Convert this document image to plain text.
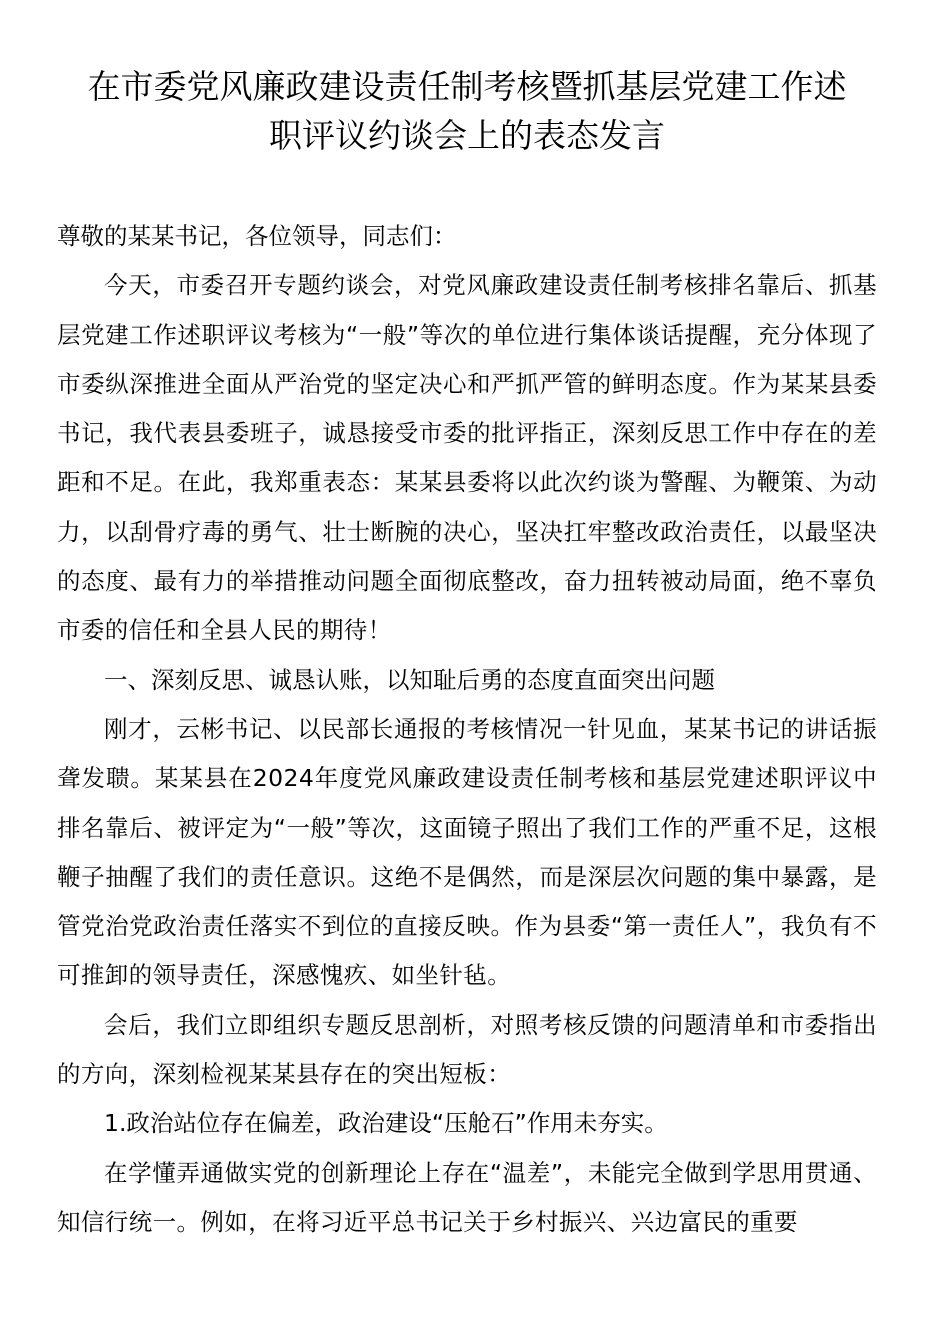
在市委党风廉政建设责任制考核暨抓基层党建工作述
职评议约谈会上的表态发言

尊敬的某某书记，各位领导，同志们：

今天，市委召开专题约谈会，对党风廉政建设责任制考核排名靠后、抓基层党建工作述职评议考核为“一般”等次的单位进行集体谈话提醒，充分体现了市委纵深推进全面从严治党的坚定决心和严抓严管的鲜明态度。作为某某县委书记，我代表县委班子，诚恳接受市委的批评指正，深刻反思工作中存在的差距和不足。在此，我郑重表态：某某县委将以此次约谈为警醒、为鞭策、为动力，以刮骨疗毒的勇气、壮士断腕的决心，坚决扛牢整改政治责任，以最坚决的态度、最有力的举措推动问题全面彻底整改，奋力扭转被动局面，绝不辜负市委的信任和全县人民的期待！

一、深刻反思、诚恳认账，以知耻后勇的态度直面突出问题

刚才，云彬书记、以民部长通报的考核情况一针见血，某某书记的讲话振聋发聩。某某县在2024年度党风廉政建设责任制考核和基层党建述职评议中排名靠后、被评定为“一般”等次，这面镜子照出了我们工作的严重不足，这根鞭子抽醒了我们的责任意识。这绝不是偶然，而是深层次问题的集中暴露，是管党治党政治责任落实不到位的直接反映。作为县委“第一责任人”，我负有不可推卸的领导责任，深感愧疚、如坐针毡。

会后，我们立即组织专题反思剖析，对照考核反馈的问题清单和市委指出的方向，深刻检视某某县存在的突出短板：

1.政治站位存在偏差，政治建设“压舱石”作用未夯实。

在学懂弄通做实党的创新理论上存在“温差”，未能完全做到学思用贯通、知信行统一。例如，在将习近平总书记关于乡村振兴、兴边富民的重要
